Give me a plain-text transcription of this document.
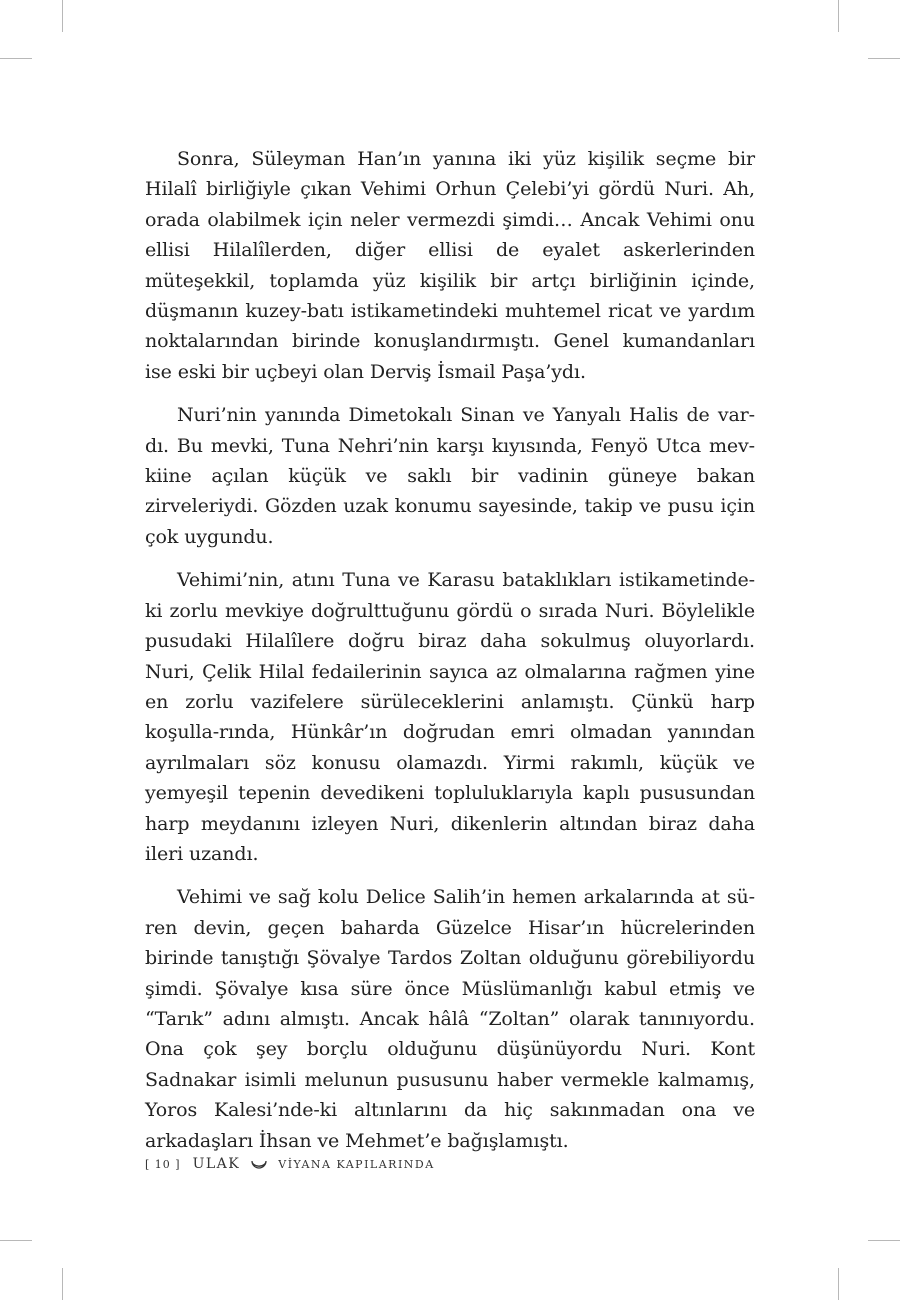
Sonra, Süleyman Han’ın yanına iki yüz kişilik seçme bir Hilalî birliğiyle çıkan Vehimi Orhun Çelebi’yi gördü Nuri. Ah, orada olabilmek için neler vermezdi şimdi… Ancak Vehimi onu ellisi Hilalîlerden, diğer ellisi de eyalet askerlerinden müteşekkil, toplamda yüz kişilik bir artçı birliğinin içinde, düşmanın kuzey-batı istikametindeki muhtemel ricat ve yardım noktalarından birinde konuşlandırmıştı. Genel kumandanları ise eski bir uçbeyi olan Derviş İsmail Paşa’ydı.

Nuri’nin yanında Dimetokalı Sinan ve Yanyalı Halis de var-dı. Bu mevki, Tuna Nehri’nin karşı kıyısında, Fenyö Utca mev-kiine açılan küçük ve saklı bir vadinin güneye bakan zirveleriydi. Gözden uzak konumu sayesinde, takip ve pusu için çok uygundu.

Vehimi’nin, atını Tuna ve Karasu bataklıkları istikametinde-ki zorlu mevkiye doğrulttuğunu gördü o sırada Nuri. Böylelikle pusudaki Hilalîlere doğru biraz daha sokulmuş oluyorlardı. Nuri, Çelik Hilal fedailerinin sayıca az olmalarına rağmen yine en zorlu vazifelere sürüleceklerini anlamıştı. Çünkü harp koşulla-rında, Hünkâr’ın doğrudan emri olmadan yanından ayrılmaları söz konusu olamazdı. Yirmi rakımlı, küçük ve yemyeşil tepenin devedikeni topluluklarıyla kaplı pususundan harp meydanını izleyen Nuri, dikenlerin altından biraz daha ileri uzandı.

Vehimi ve sağ kolu Delice Salih’in hemen arkalarında at sü-ren devin, geçen baharda Güzelce Hisar’ın hücrelerinden birinde tanıştığı Şövalye Tardos Zoltan olduğunu görebiliyordu şimdi. Şövalye kısa süre önce Müslümanlığı kabul etmiş ve “Tarık” adını almıştı. Ancak hâlâ “Zoltan” olarak tanınıyordu. Ona çok şey borçlu olduğunu düşünüyordu Nuri. Kont Sadnakar isimli melunun pususunu haber vermekle kalmamış, Yoros Kalesi’nde-ki altınlarını da hiç sakınmadan ona ve arkadaşları İhsan ve Mehmet’e bağışlamıştı.

[ 10 ] ULAK	VİYANA KAPILARINDA
